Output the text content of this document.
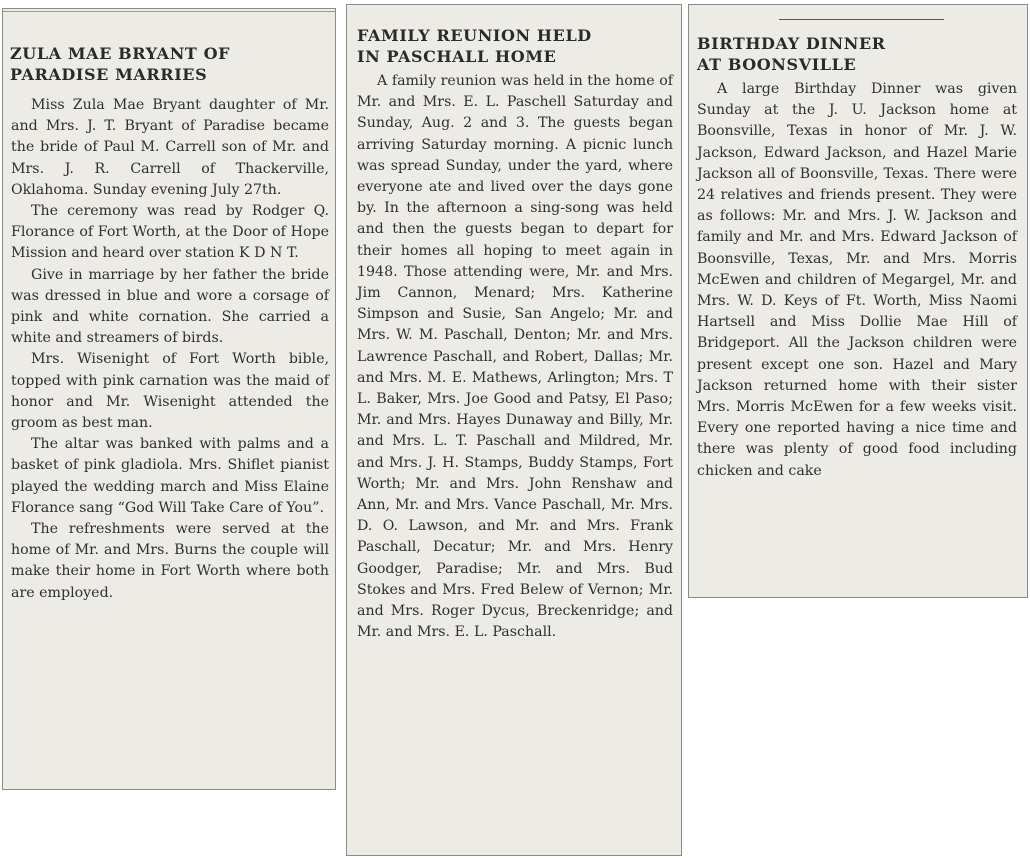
ZULA MAE BRYANT OF
PARADISE MARRIES

Miss Zula Mae Bryant daughter of Mr. and Mrs. J. T. Bryant of Paradise became the bride of Paul M. Carrell son of Mr. and Mrs. J. R. Carrell of Thackerville, Oklahoma. Sunday evening July 27th.

The ceremony was read by Rodger Q. Florance of Fort Worth, at the Door of Hope Mission and heard over station K D N T.

Give in marriage by her father the bride was dressed in blue and wore a corsage of pink and white cornation. She carried a white and streamers of birds.

Mrs. Wisenight of Fort Worth bible, topped with pink carnation was the maid of honor and Mr. Wisenight attended the groom as best man.

The altar was banked with palms and a basket of pink gladiola. Mrs. Shiflet pianist played the wedding march and Miss Elaine Florance sang “God Will Take Care of You”.

The refreshments were served at the home of Mr. and Mrs. Burns the couple will make their home in Fort Worth where both are employed.

FAMILY REUNION HELD
IN PASCHALL HOME

A family reunion was held in the home of Mr. and Mrs. E. L. Paschell Saturday and Sunday, Aug. 2 and 3. The guests began arriving Saturday morning. A picnic lunch was spread Sunday, under the yard, where everyone ate and lived over the days gone by. In the afternoon a sing-song was held and then the guests began to depart for their homes all hoping to meet again in 1948. Those attending were, Mr. and Mrs. Jim Cannon, Menard; Mrs. Katherine Simpson and Susie, San Angelo; Mr. and Mrs. W. M. Paschall, Denton; Mr. and Mrs. Lawrence Paschall, and Robert, Dallas; Mr. and Mrs. M. E. Mathews, Arlington; Mrs. T L. Baker, Mrs. Joe Good and Patsy, El Paso; Mr. and Mrs. Hayes Dunaway and Billy, Mr. and Mrs. L. T. Paschall and Mildred, Mr. and Mrs. J. H. Stamps, Buddy Stamps, Fort Worth; Mr. and Mrs. John Renshaw and Ann, Mr. and Mrs. Vance Paschall, Mr. Mrs. D. O. Lawson, and Mr. and Mrs. Frank Paschall, Decatur; Mr. and Mrs. Henry Goodger, Paradise; Mr. and Mrs. Bud Stokes and Mrs. Fred Belew of Vernon; Mr. and Mrs. Roger Dycus, Breckenridge; and Mr. and Mrs. E. L. Paschall.

BIRTHDAY DINNER
AT BOONSVILLE

A large Birthday Dinner was given Sunday at the J. U. Jackson home at Boonsville, Texas in honor of Mr. J. W. Jackson, Edward Jackson, and Hazel Marie Jackson all of Boonsville, Texas. There were 24 relatives and friends present. They were as follows: Mr. and Mrs. J. W. Jackson and family and Mr. and Mrs. Edward Jackson of Boonsville, Texas, Mr. and Mrs. Morris McEwen and children of Megargel, Mr. and Mrs. W. D. Keys of Ft. Worth, Miss Naomi Hartsell and Miss Dollie Mae Hill of Bridgeport. All the Jackson children were present except one son. Hazel and Mary Jackson returned home with their sister Mrs. Morris McEwen for a few weeks visit. Every one reported having a nice time and there was plenty of good food including chicken and cake
